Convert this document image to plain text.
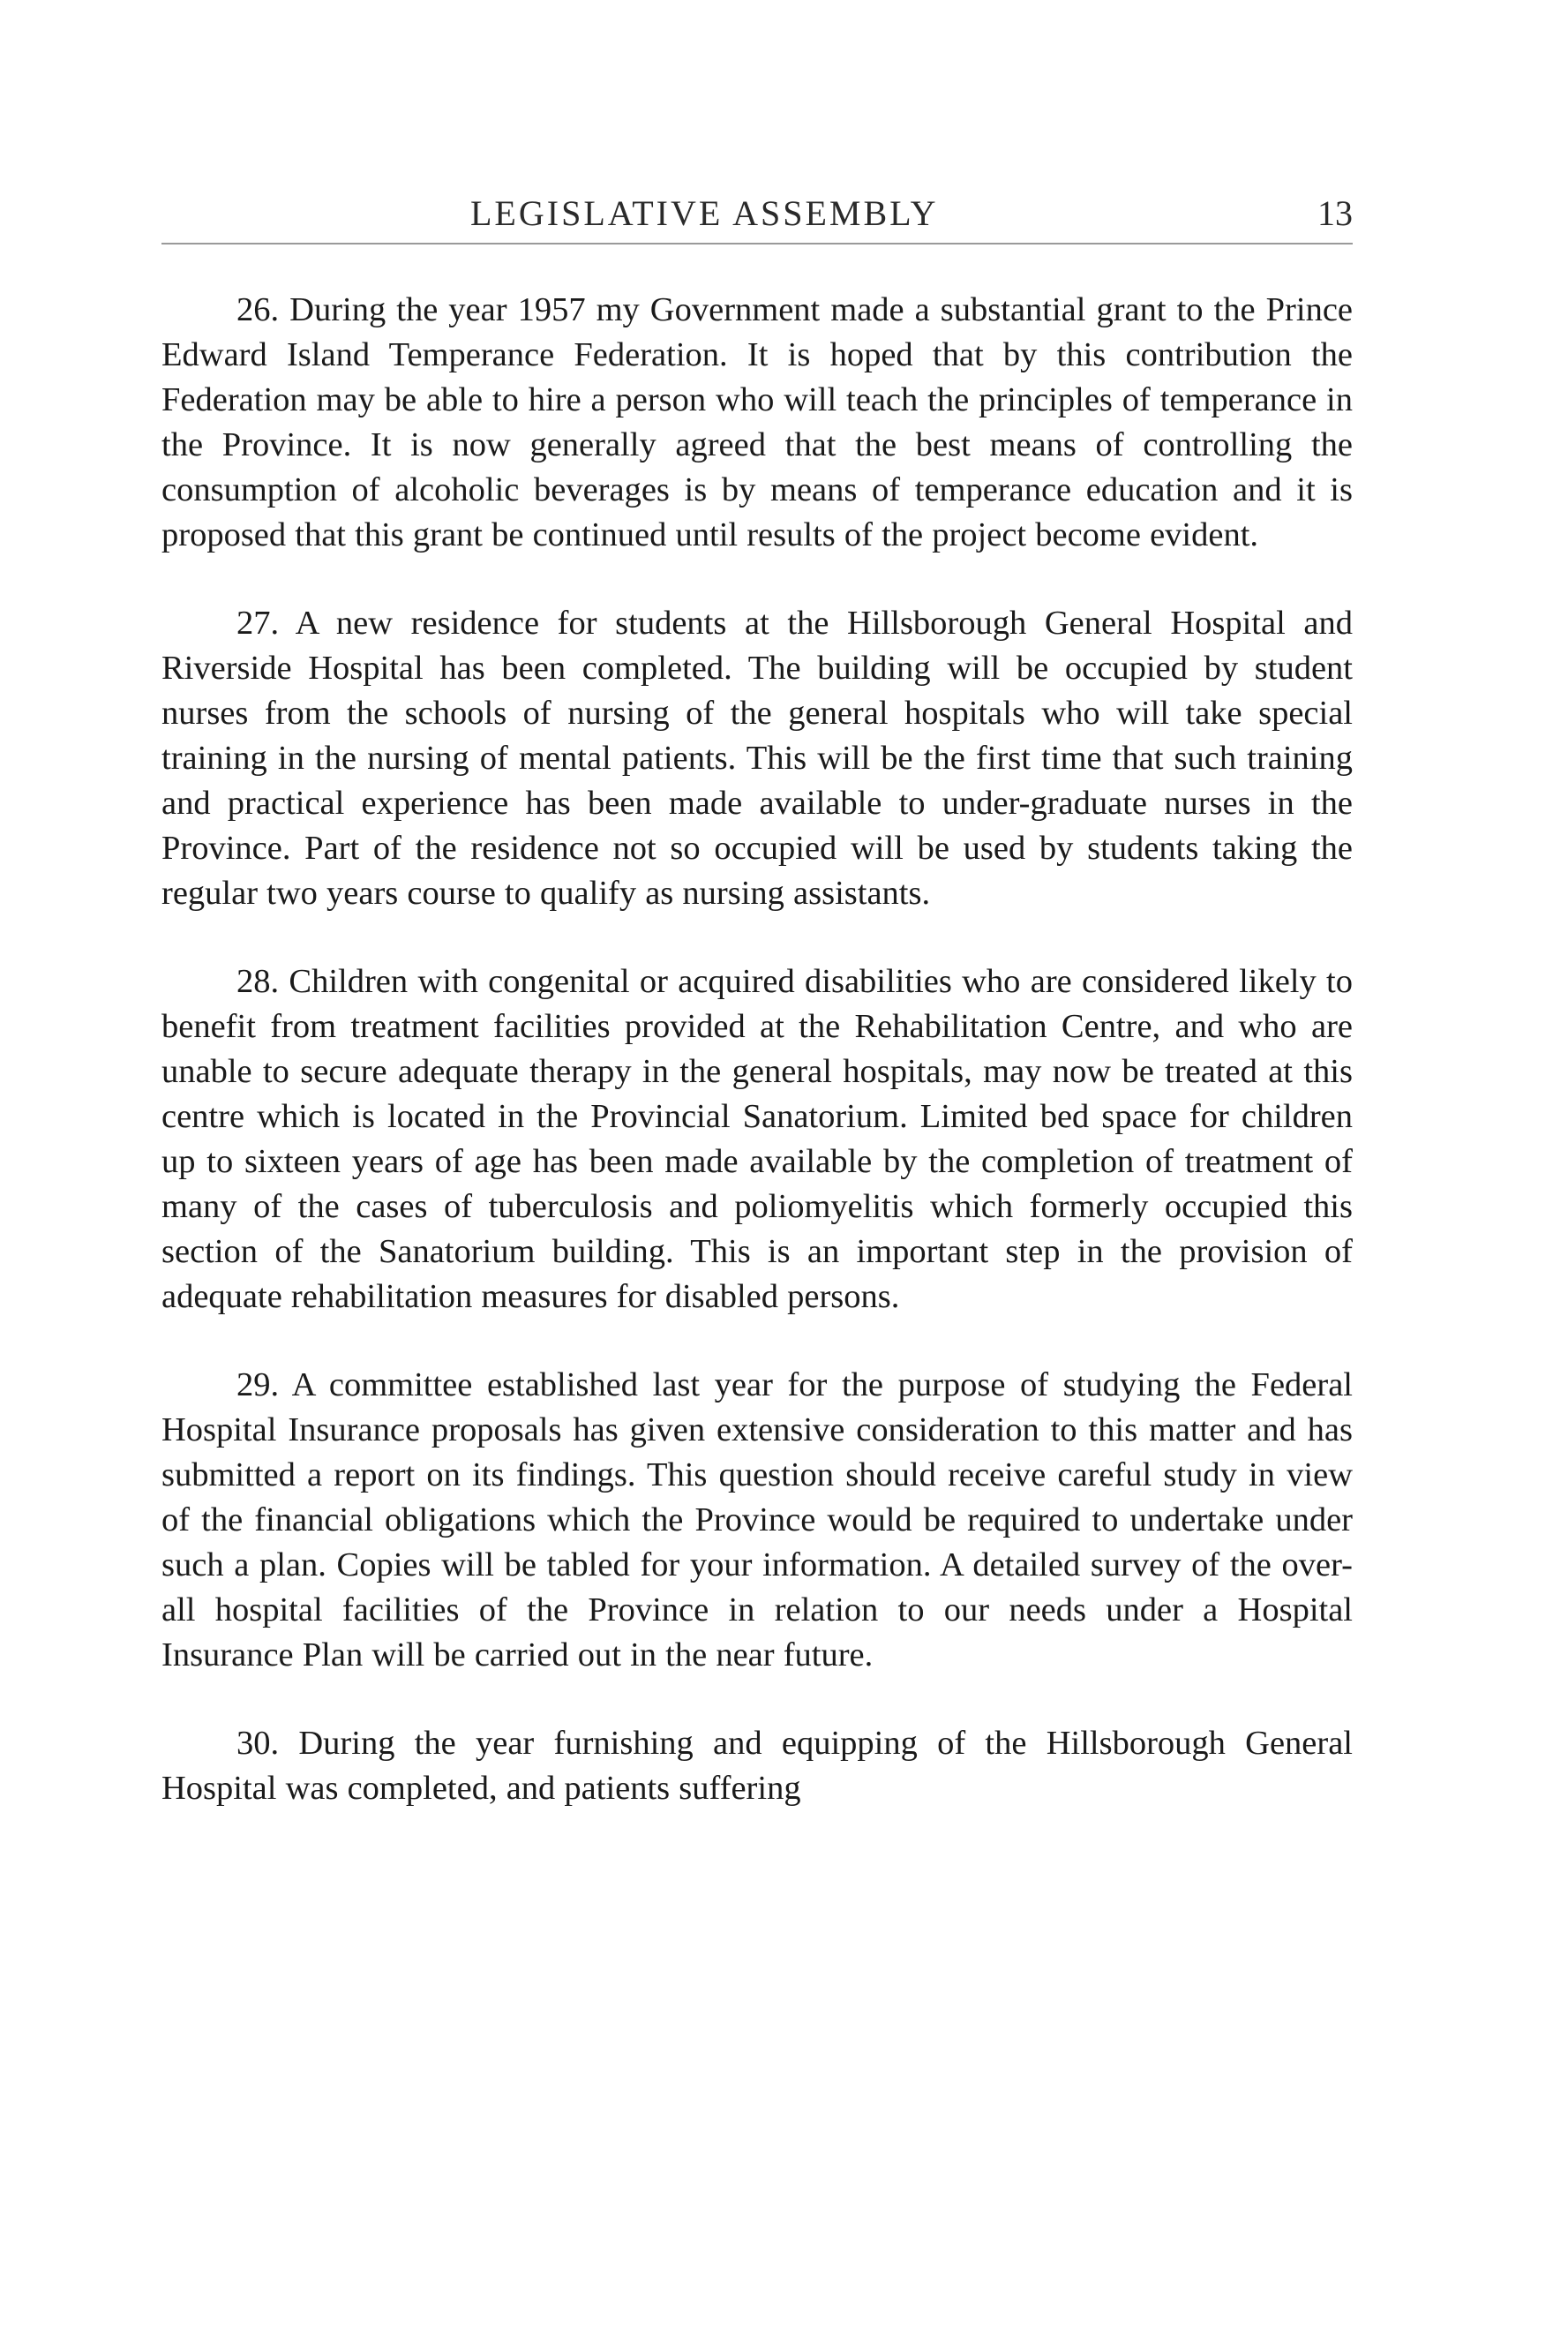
LEGISLATIVE ASSEMBLY	13

26. During the year 1957 my Government made a substantial grant to the Prince Edward Island Temperance Federation. It is hoped that by this contribution the Federation may be able to hire a person who will teach the principles of temperance in the Province. It is now generally agreed that the best means of controlling the consumption of alcoholic beverages is by means of temperance education and it is proposed that this grant be continued until results of the project become evident.

27. A new residence for students at the Hillsborough General Hospital and Riverside Hospital has been completed. The building will be occupied by student nurses from the schools of nursing of the general hospitals who will take special training in the nursing of mental patients. This will be the first time that such training and practical experience has been made available to under-graduate nurses in the Province. Part of the residence not so occupied will be used by students taking the regular two years course to qualify as nursing assistants.

28. Children with congenital or acquired disabilities who are considered likely to benefit from treatment facilities provided at the Rehabilitation Centre, and who are unable to secure adequate therapy in the general hospitals, may now be treated at this centre which is located in the Provincial Sanatorium. Limited bed space for children up to sixteen years of age has been made available by the completion of treatment of many of the cases of tuberculosis and poliomyelitis which formerly occupied this section of the Sanatorium building. This is an important step in the provision of adequate rehabilitation measures for disabled persons.

29. A committee established last year for the purpose of studying the Federal Hospital Insurance proposals has given extensive consideration to this matter and has submitted a report on its findings. This question should receive careful study in view of the financial obligations which the Province would be required to undertake under such a plan. Copies will be tabled for your information. A detailed survey of the over-all hospital facilities of the Province in relation to our needs under a Hospital Insurance Plan will be carried out in the near future.

30. During the year furnishing and equipping of the Hillsborough General Hospital was completed, and patients suffering
